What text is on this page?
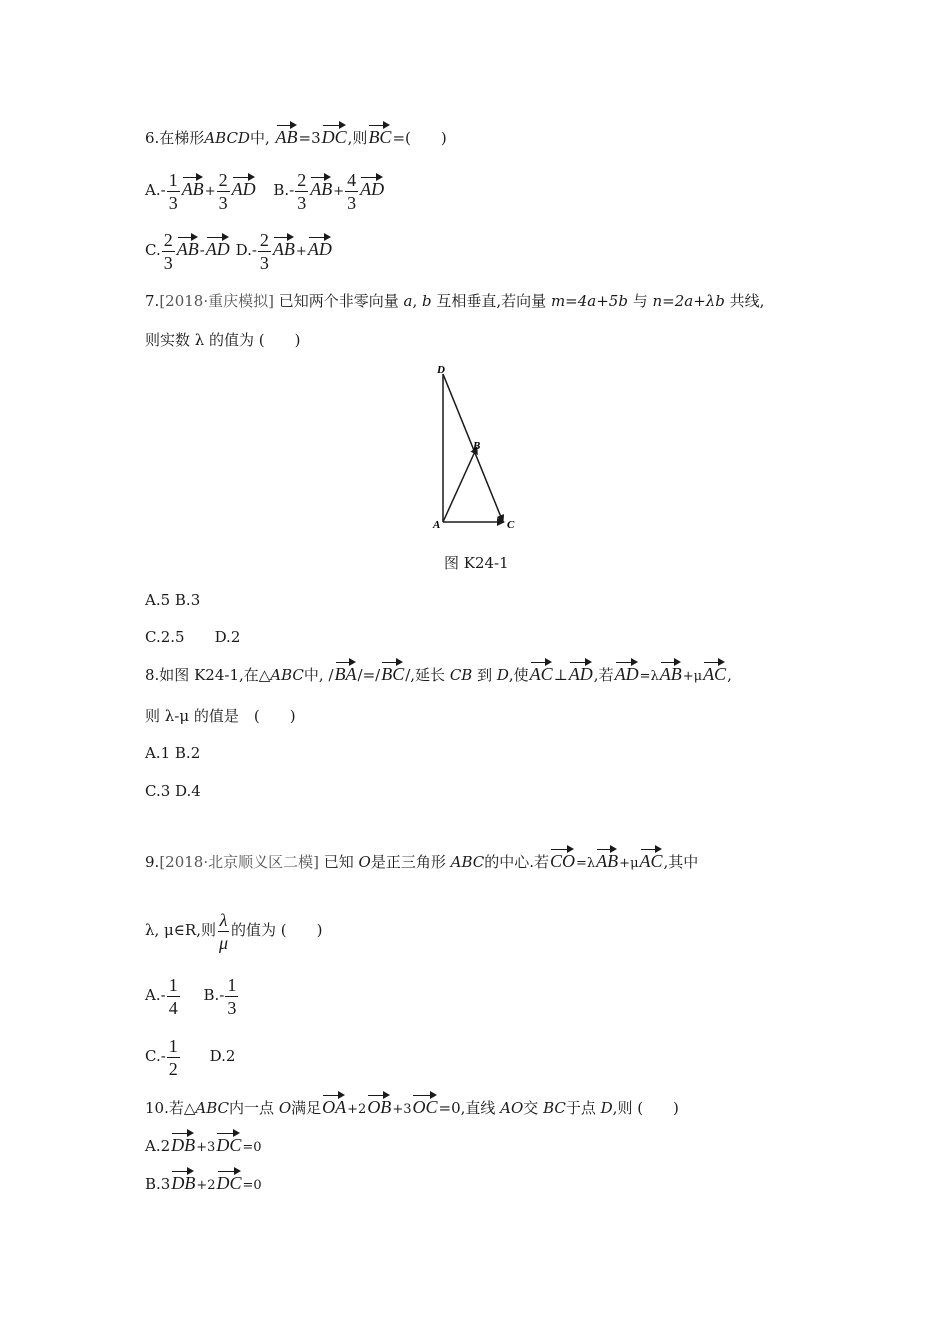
6.在梯形ABCD中, AB=3DC,则BC=(　　)
$A.- \frac{1}{3} AB+ \frac{2}{3}$ AD $B.- \frac{2}{3} AB+ \frac{4}{3}$ AD
C. $\frac{2}{3} AB-AD$ $D.- \frac{2}{3} AB+AD$
7.[2018·重庆模拟] 已知两个非零向量 a, b 互相垂直,若向量 m=4a+5b 与 n=2a+λb 共线,
则实数 λ 的值为 (　　)
D
B
A	C
图 K24-1
A.5 B.3
C.2.5　　D.2
8.如图 K24-1,在△ABC中, /BA/=/BC/,延长 CB 到 D,使AC⊥AD,若AD=λAB+μAC,
则 λ-μ 的值是　(　　)
A.1 B.2
C.3 D.4
9.[2018·北京顺义区二模] 已知 O是正三角形 ABC的中心.若CO=λAB+μAC,其中
λ, μ∈R,则 $\frac{\lambda}{\mu}$ 的值为 (　　)
$A.- \frac{1}{4} B.- \frac{1}{3}$
$C.- \frac{1}{2} D.2$
10.若△ABC内一点 O满足OA+2OB+3OC=0,直线 AO交 BC于点 D,则 (　　)
A.2DB+3DC=0
B.3DB+2DC=0
